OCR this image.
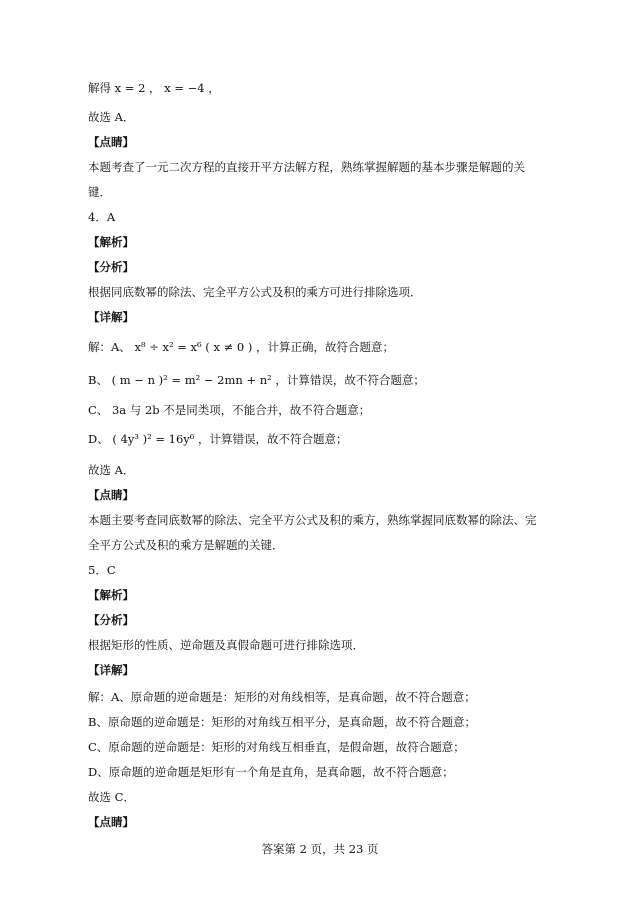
解得 x = 2 ， x = −4 ，
故选 A．
【点睛】
本题考查了一元二次方程的直接开平方法解方程，熟练掌握解题的基本步骤是解题的关
键．
4．A
【解析】
【分析】
根据同底数幂的除法、完全平方公式及积的乘方可进行排除选项．
【详解】
解：A、 x⁸ ÷ x² = x⁶ ( x ≠ 0 ) ，计算正确，故符合题意；
B、 ( m − n )² = m² − 2mn + n² ，计算错误，故不符合题意；
C、 3a 与 2b 不是同类项，不能合并，故不符合题意；
D、 ( 4y³ )² = 16y⁶ ，计算错误，故不符合题意；
故选 A．
【点睛】
本题主要考查同底数幂的除法、完全平方公式及积的乘方，熟练掌握同底数幂的除法、完
全平方公式及积的乘方是解题的关键．
5．C
【解析】
【分析】
根据矩形的性质、逆命题及真假命题可进行排除选项．
【详解】
解：A、原命题的逆命题是：矩形的对角线相等，是真命题，故不符合题意；
B、原命题的逆命题是：矩形的对角线互相平分，是真命题，故不符合题意；
C、原命题的逆命题是：矩形的对角线互相垂直，是假命题，故符合题意；
D、原命题的逆命题是矩形有一个角是直角，是真命题，故不符合题意；
故选 C．
【点睛】
答案第 2 页，共 23 页
